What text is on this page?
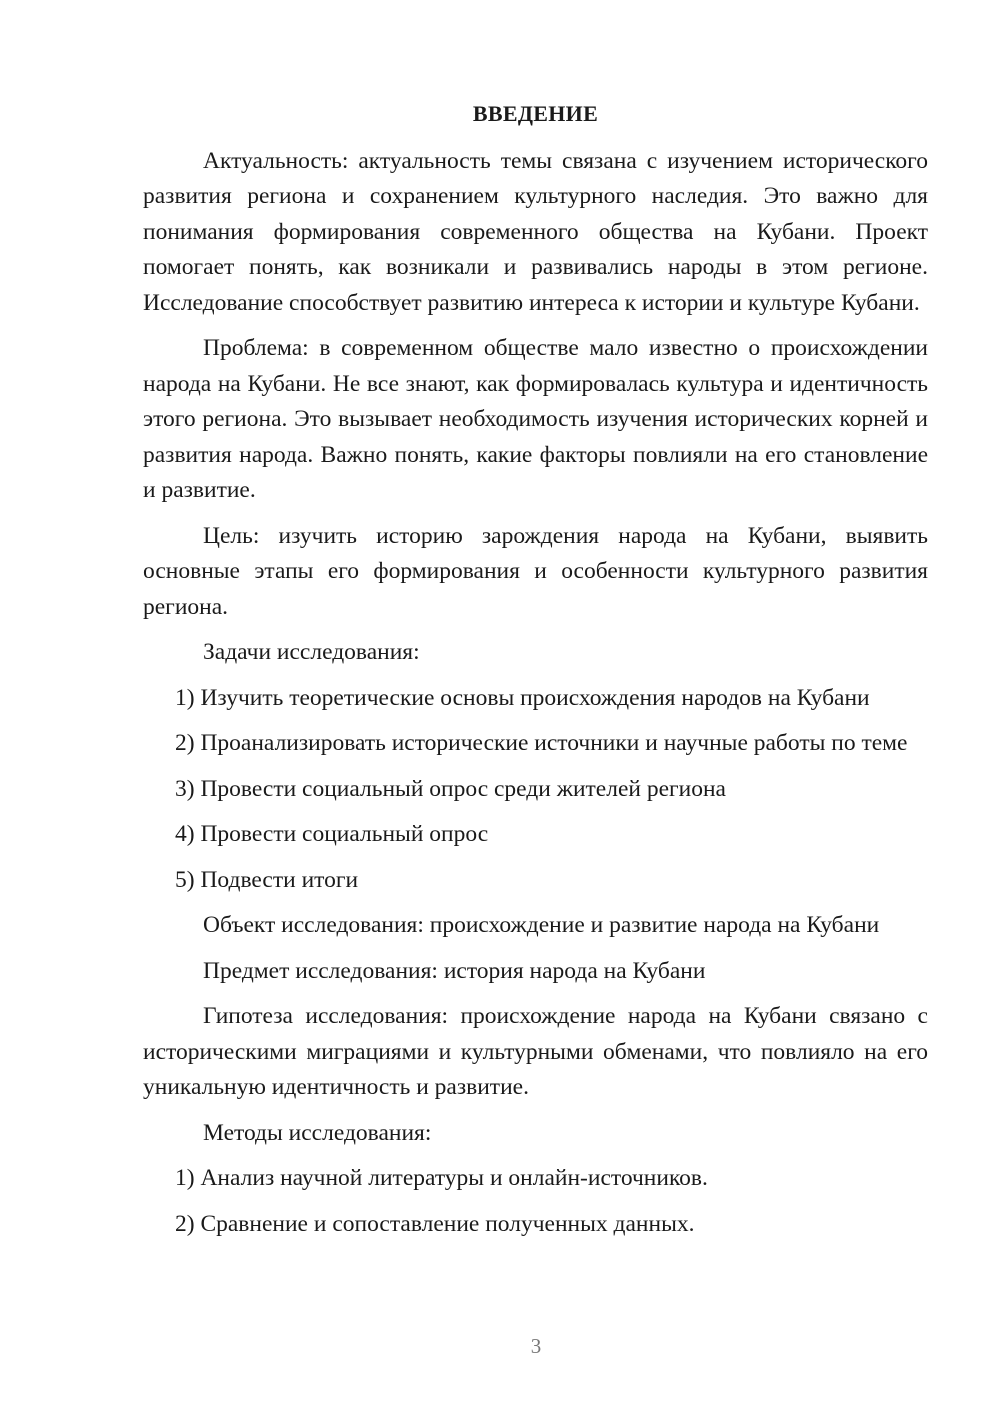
ВВЕДЕНИЕ

Актуальность: актуальность темы связана с изучением исторического развития региона и сохранением культурного наследия. Это важно для понимания формирования современного общества на Кубани. Проект помогает понять, как возникали и развивались народы в этом регионе. Исследование способствует развитию интереса к истории и культуре Кубани.

Проблема: в современном обществе мало известно о происхождении народа на Кубани. Не все знают, как формировалась культура и идентичность этого региона. Это вызывает необходимость изучения исторических корней и развития народа. Важно понять, какие факторы повлияли на его становление и развитие.

Цель: изучить историю зарождения народа на Кубани, выявить основные этапы его формирования и особенности культурного развития региона.

Задачи исследования:

1) Изучить теоретические основы происхождения народов на Кубани

2) Проанализировать исторические источники и научные работы по теме

3) Провести социальный опрос среди жителей региона

4) Провести социальный опрос

5) Подвести итоги

Объект исследования: происхождение и развитие народа на Кубани

Предмет исследования: история народа на Кубани

Гипотеза исследования: происхождение народа на Кубани связано с историческими миграциями и культурными обменами, что повлияло на его уникальную идентичность и развитие.

Методы исследования:

1) Анализ научной литературы и онлайн-источников.

2) Сравнение и сопоставление полученных данных.

3
